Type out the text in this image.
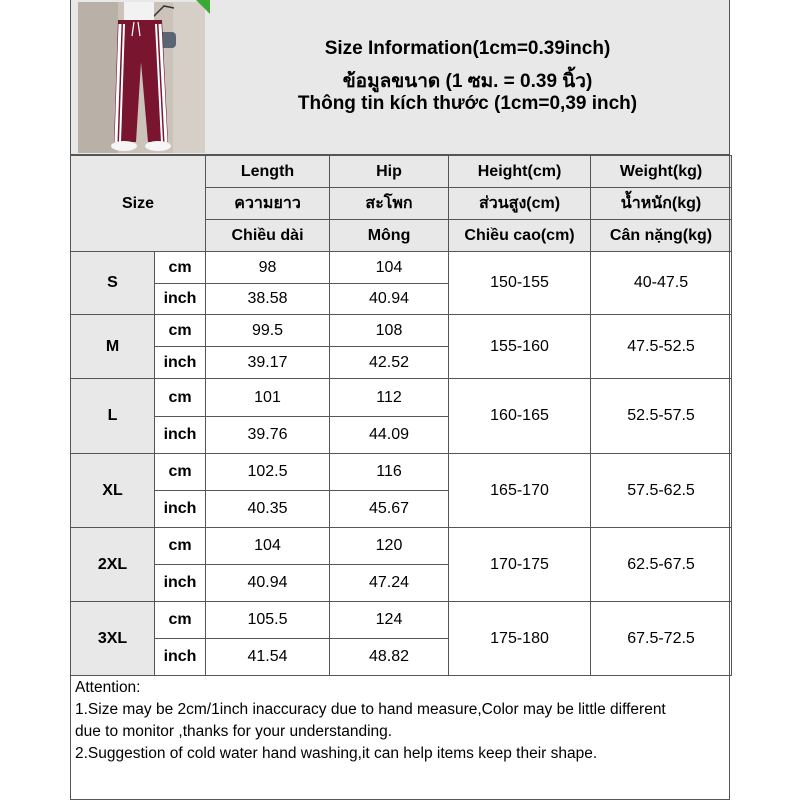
Size Information(1cm=0.39inch)
ข้อมูลขนาด (1 ซม. = 0.39 นิ้ว)
Thông tin kích thước (1cm=0,39 inch)
Size		Length	Hip	Height(cm)	Weight(kg)
		ความยาว	สะโพก	ส่วนสูง(cm)	น้ำหนัก(kg)
		Chiều dài	Mông	Chiều cao(cm)	Cân nặng(kg)
S	cm	98	104	150-155	40-47.5
	inch	38.58	40.94		
M	cm	99.5	108	155-160	47.5-52.5
	inch	39.17	42.52		
L	cm	101	112	160-165	52.5-57.5
	inch	39.76	44.09		
XL	cm	102.5	116	165-170	57.5-62.5
	inch	40.35	45.67		
2XL	cm	104	120	170-175	62.5-67.5
	inch	40.94	47.24		
3XL	cm	105.5	124	175-180	67.5-72.5
	inch	41.54	48.82		
Attention:
1.Size may be 2cm/1inch inaccuracy due to hand measure,Color may be little different
due to monitor ,thanks for your understanding.
2.Suggestion of cold water hand washing,it can help items keep their shape.
